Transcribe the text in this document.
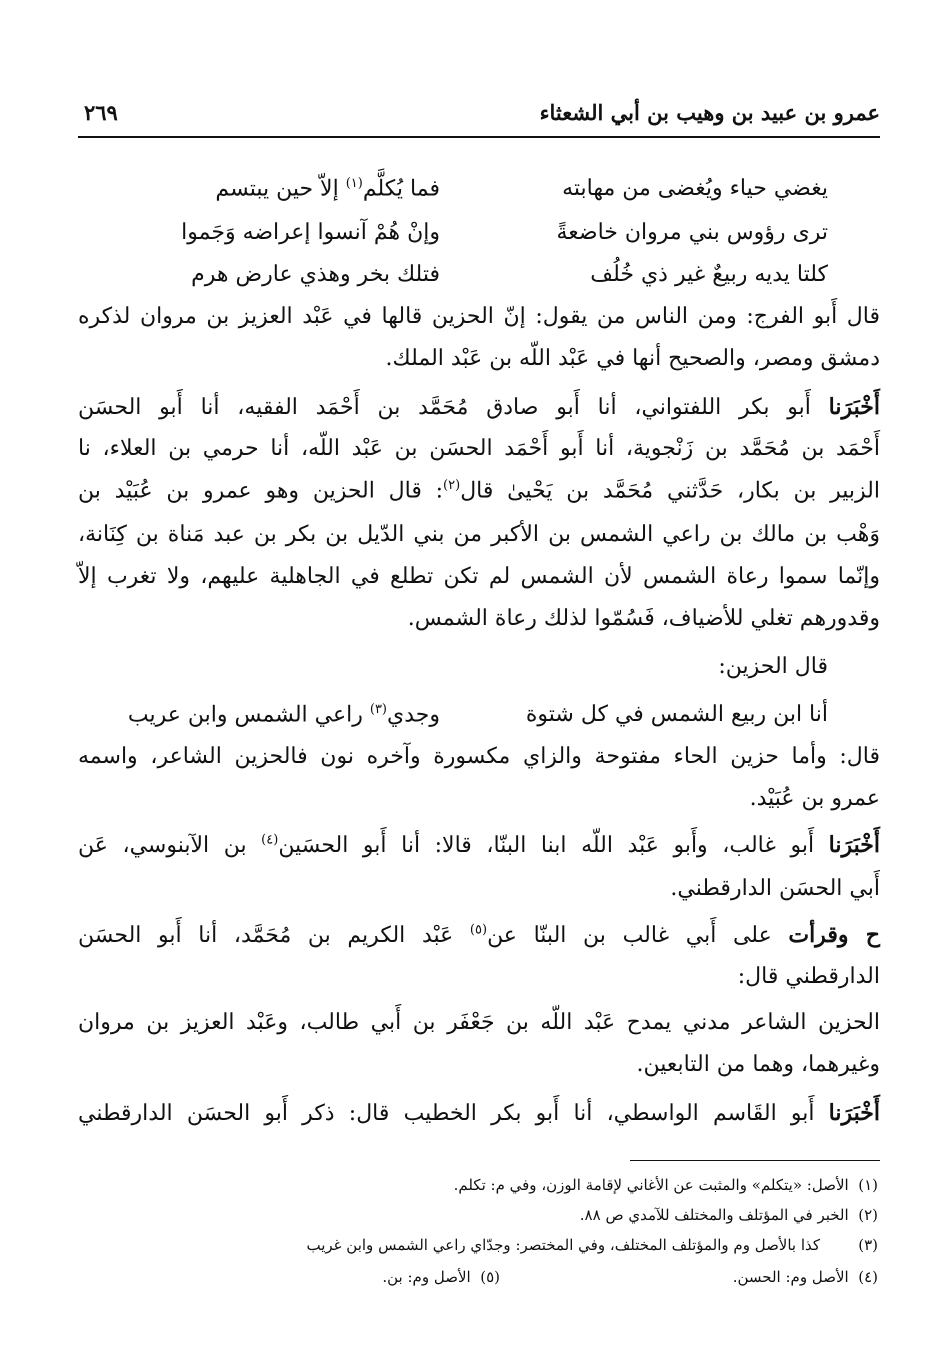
عمرو بن عبيد بن وهيب بن أبي الشعثاء
٢٦٩
يغضي حياء ويُغضى من مهابته
فما يُكلَّم$^{(١)}$ إلاّ حين يبتسم
ترى رؤوس بني مروان خاضعةً
وإنْ هُمْ آنسوا إعراضه وَجَموا
كلتا يديه ربيعٌ غير ذي خُلُف
فتلك بخر وهذي عارض هرم
قال أَبو الفرج: ومن الناس من يقول: إنّ الحزين قالها في عَبْد العزيز بن مروان لذكره
دمشق ومصر، والصحيح أنها في عَبْد اللّه بن عَبْد الملك.
أَخْبَرَنا أَبو بكر اللفتواني، أنا أَبو صادق مُحَمَّد بن أَحْمَد الفقيه، أنا أَبو الحسَن
أَحْمَد بن مُحَمَّد بن زَنْجوية، أنا أَبو أَحْمَد الحسَن بن عَبْد اللّه، أنا حرمي بن العلاء، نا
الزبير بن بكار، حَدَّثني مُحَمَّد بن يَحْيىٰ قال$^{(٢)}$: قال الحزين وهو عمرو بن عُبَيْد بن
وَهْب بن مالك بن راعي الشمس بن الأكبر من بني الدّيل بن بكر بن عبد مَناة بن كِنَانة،
وإنّما سموا رعاة الشمس لأن الشمس لم تكن تطلع في الجاهلية عليهم، ولا تغرب إلاّ
وقدورهم تغلي للأضياف، فَسُمّوا لذلك رعاة الشمس.
قال الحزين:
أنا ابن ربيع الشمس في كل شتوة
وجدي$^{(٣)}$ راعي الشمس وابن عريب
قال: وأما حزين الحاء مفتوحة والزاي مكسورة وآخره نون فالحزين الشاعر، واسمه
عمرو بن عُبَيْد.
أَخْبَرَنا أَبو غالب، وأَبو عَبْد اللّه ابنا البنّا، قالا: أنا أَبو الحسَين$^{(٤)}$ بن الآبنوسي، عَن
أَبي الحسَن الدارقطني.
ح وقرأت على أَبي غالب بن البنّا عن$^{(٥)}$ عَبْد الكريم بن مُحَمَّد، أنا أَبو الحسَن
الدارقطني قال:
الحزين الشاعر مدني يمدح عَبْد اللّه بن جَعْفَر بن أَبي طالب، وعَبْد العزيز بن مروان
وغيرهما، وهما من التابعين.
أَخْبَرَنا أَبو القَاسم الواسطي، أنا أَبو بكر الخطيب قال: ذكر أَبو الحسَن الدارقطني
(١)  الأصل: «يتكلم» والمثبت عن الأغاني لإقامة الوزن، وفي م: تكلم.
(٢)  الخبر في المؤتلف والمختلف للآمدي ص ٨٨.
(٣)        كذا بالأصل وم والمؤتلف المختلف، وفي المختصر: وجدّاي راعي الشمس وابن غريب
(٤)  الأصل وم: الحسن.
(٥)  الأصل وم: بن.
